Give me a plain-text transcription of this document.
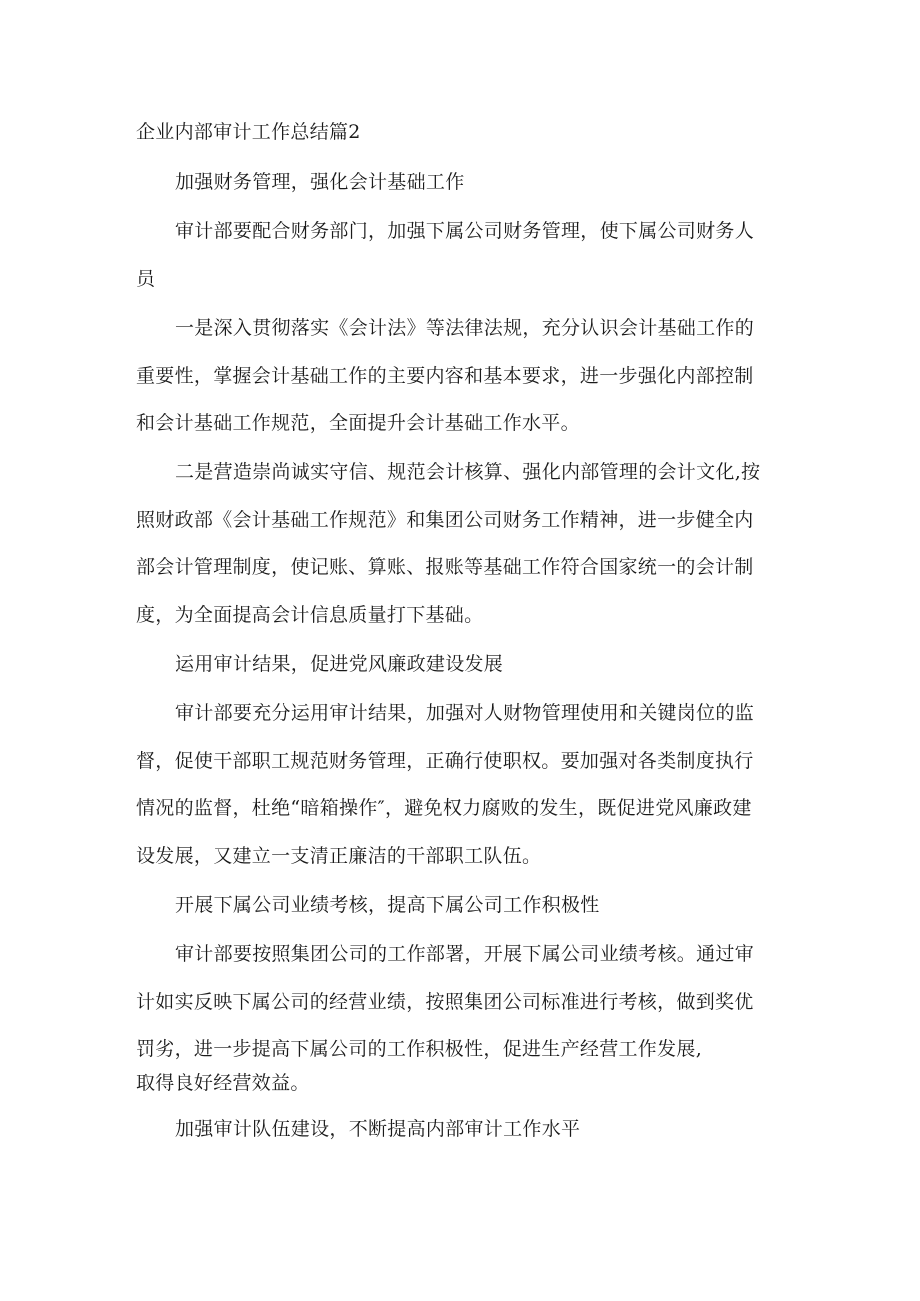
企业内部审计工作总结篇2
加强财务管理，强化会计基础工作
审计部要配合财务部门，加强下属公司财务管理，使下属公司财务人
员
一是深入贯彻落实《会计法》等法律法规，充分认识会计基础工作的
重要性，掌握会计基础工作的主要内容和基本要求，进一步强化内部控制
和会计基础工作规范，全面提升会计基础工作水平。
二是营造崇尚诚实守信、规范会计核算、强化内部管理的会计文化,按
照财政部《会计基础工作规范》和集团公司财务工作精神，进一步健全内
部会计管理制度，使记账、算账、报账等基础工作符合国家统一的会计制
度，为全面提高会计信息质量打下基础。
运用审计结果，促进党风廉政建设发展
审计部要充分运用审计结果，加强对人财物管理使用和关键岗位的监
督，促使干部职工规范财务管理，正确行使职权。要加强对各类制度执行
情况的监督，杜绝“暗箱操作″，避免权力腐败的发生，既促进党风廉政建
设发展，又建立一支清正廉洁的干部职工队伍。
开展下属公司业绩考核，提高下属公司工作积极性
审计部要按照集团公司的工作部署，开展下属公司业绩考核。通过审
计如实反映下属公司的经营业绩，按照集团公司标准进行考核，做到奖优
罚劣，进一步提高下属公司的工作积极性，促进生产经营工作发展,
取得良好经营效益。
加强审计队伍建设，不断提高内部审计工作水平
